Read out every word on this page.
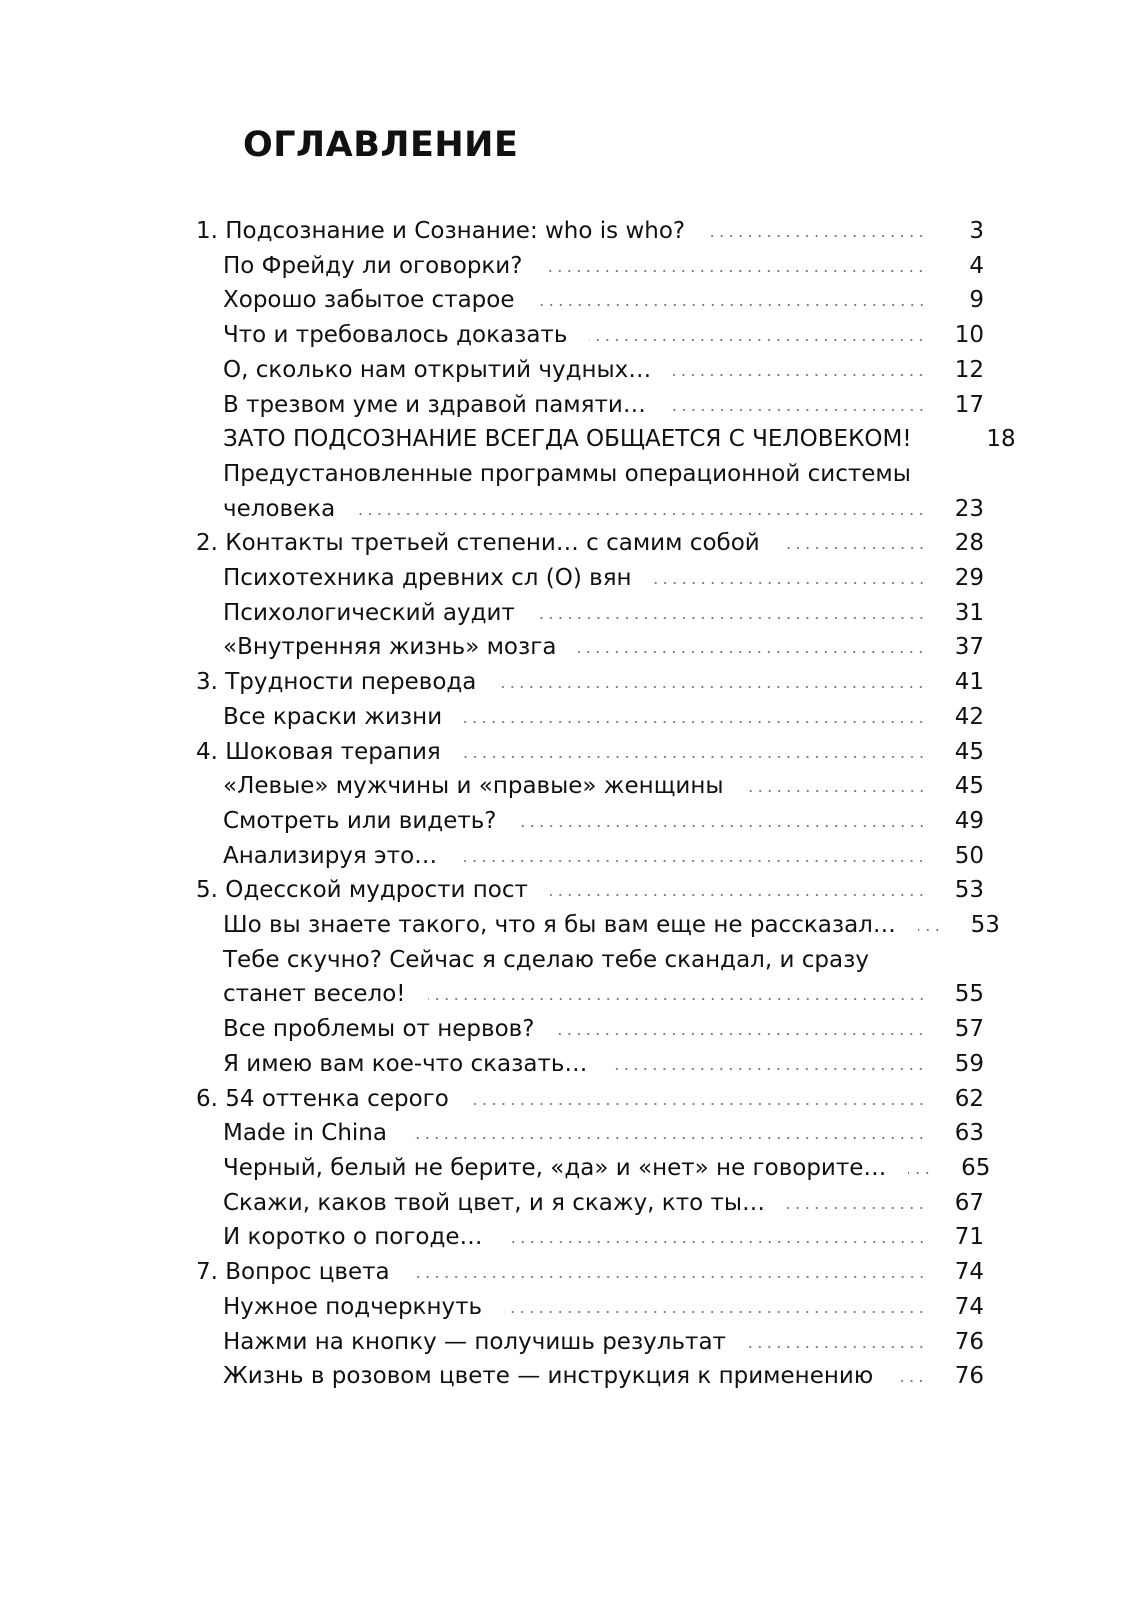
ОГЛАВЛЕНИЕ
1. Подсознание и Сознание: who is who?	3
По Фрейду ли оговорки?	4
Хорошо забытое старое	9
Что и требовалось доказать	10
О, сколько нам открытий чудных…	12
В трезвом уме и здравой памяти…	17
ЗАТО ПОДСОЗНАНИЕ ВСЕГДА ОБЩАЕТСЯ С ЧЕЛОВЕКОМ!	18
Предустановленные программы операционной системы
человека	23
2. Контакты третьей степени… с самим собой	28
Психотехника древних сл (О) вян	29
Психологический аудит	31
«Внутренняя жизнь» мозга	37
3. Трудности перевода	41
Все краски жизни	42
4. Шоковая терапия	45
«Левые» мужчины и «правые» женщины	45
Смотреть или видеть?	49
Анализируя это…	50
5. Одесской мудрости пост	53
Шо вы знаете такого, что я бы вам еще не рассказал…	53
Тебе скучно? Сейчас я сделаю тебе скандал, и сразу
станет весело!	55
Все проблемы от нервов?	57
Я имею вам кое-что сказать…	59
6. 54 оттенка серого	62
Made in China	63
Черный, белый не берите, «да» и «нет» не говорите…	65
Скажи, каков твой цвет, и я скажу, кто ты…	67
И коротко о погоде…	71
7. Вопрос цвета	74
Нужное подчеркнуть	74
Нажми на кнопку — получишь результат	76
Жизнь в розовом цвете — инструкция к применению	76
